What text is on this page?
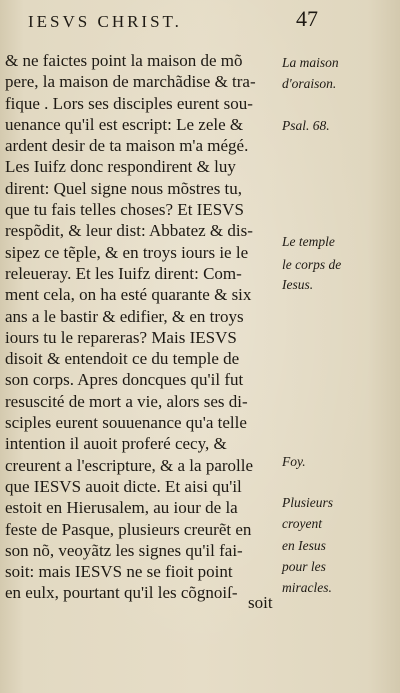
IESVS CHRIST.	47
& ne faictes point la maison de mõ
pere, la maison de marchãdise & tra-
fique . Lors ses disciples eurent sou-
uenance qu'il est escript: Le zele &
ardent desir de ta maison m'a mégé.
Les Iuifz donc respondirent & luy
dirent: Quel signe nous mõstres tu,
que tu fais telles choses? Et IESVS
respõdit, & leur dist: Abbatez & dis-
sipez ce tẽple, & en troys iours ie le
releueray. Et les Iuifz dirent: Com-
ment cela, on ha esté quarante & six
ans a le bastir & edifier, & en troys
iours tu le repareras? Mais IESVS
disoit & entendoit ce du temple de
son corps. Apres doncques qu'il fut
resuscité de mort a vie, alors ses di-
sciples eurent souuenance qu'a telle
intention il auoit proferé cecy, &
creurent a l'escripture, & a la parolle
que IESVS auoit dicte. Et aisi qu'il
estoit en Hierusalem, au iour de la
feste de Pasque, plusieurs creurẽt en
son nõ, veoyãtz les signes qu'il fai-
soit: mais IESVS ne se fioit point
en eulx, pourtant qu'il les cõgnoiſ-
La maison
d'oraison.
Psal. 68.
Le temple
le corps de
Iesus.
Foy.
Plusieurs
croyent
en Iesus
pour les
miracles.
soit
